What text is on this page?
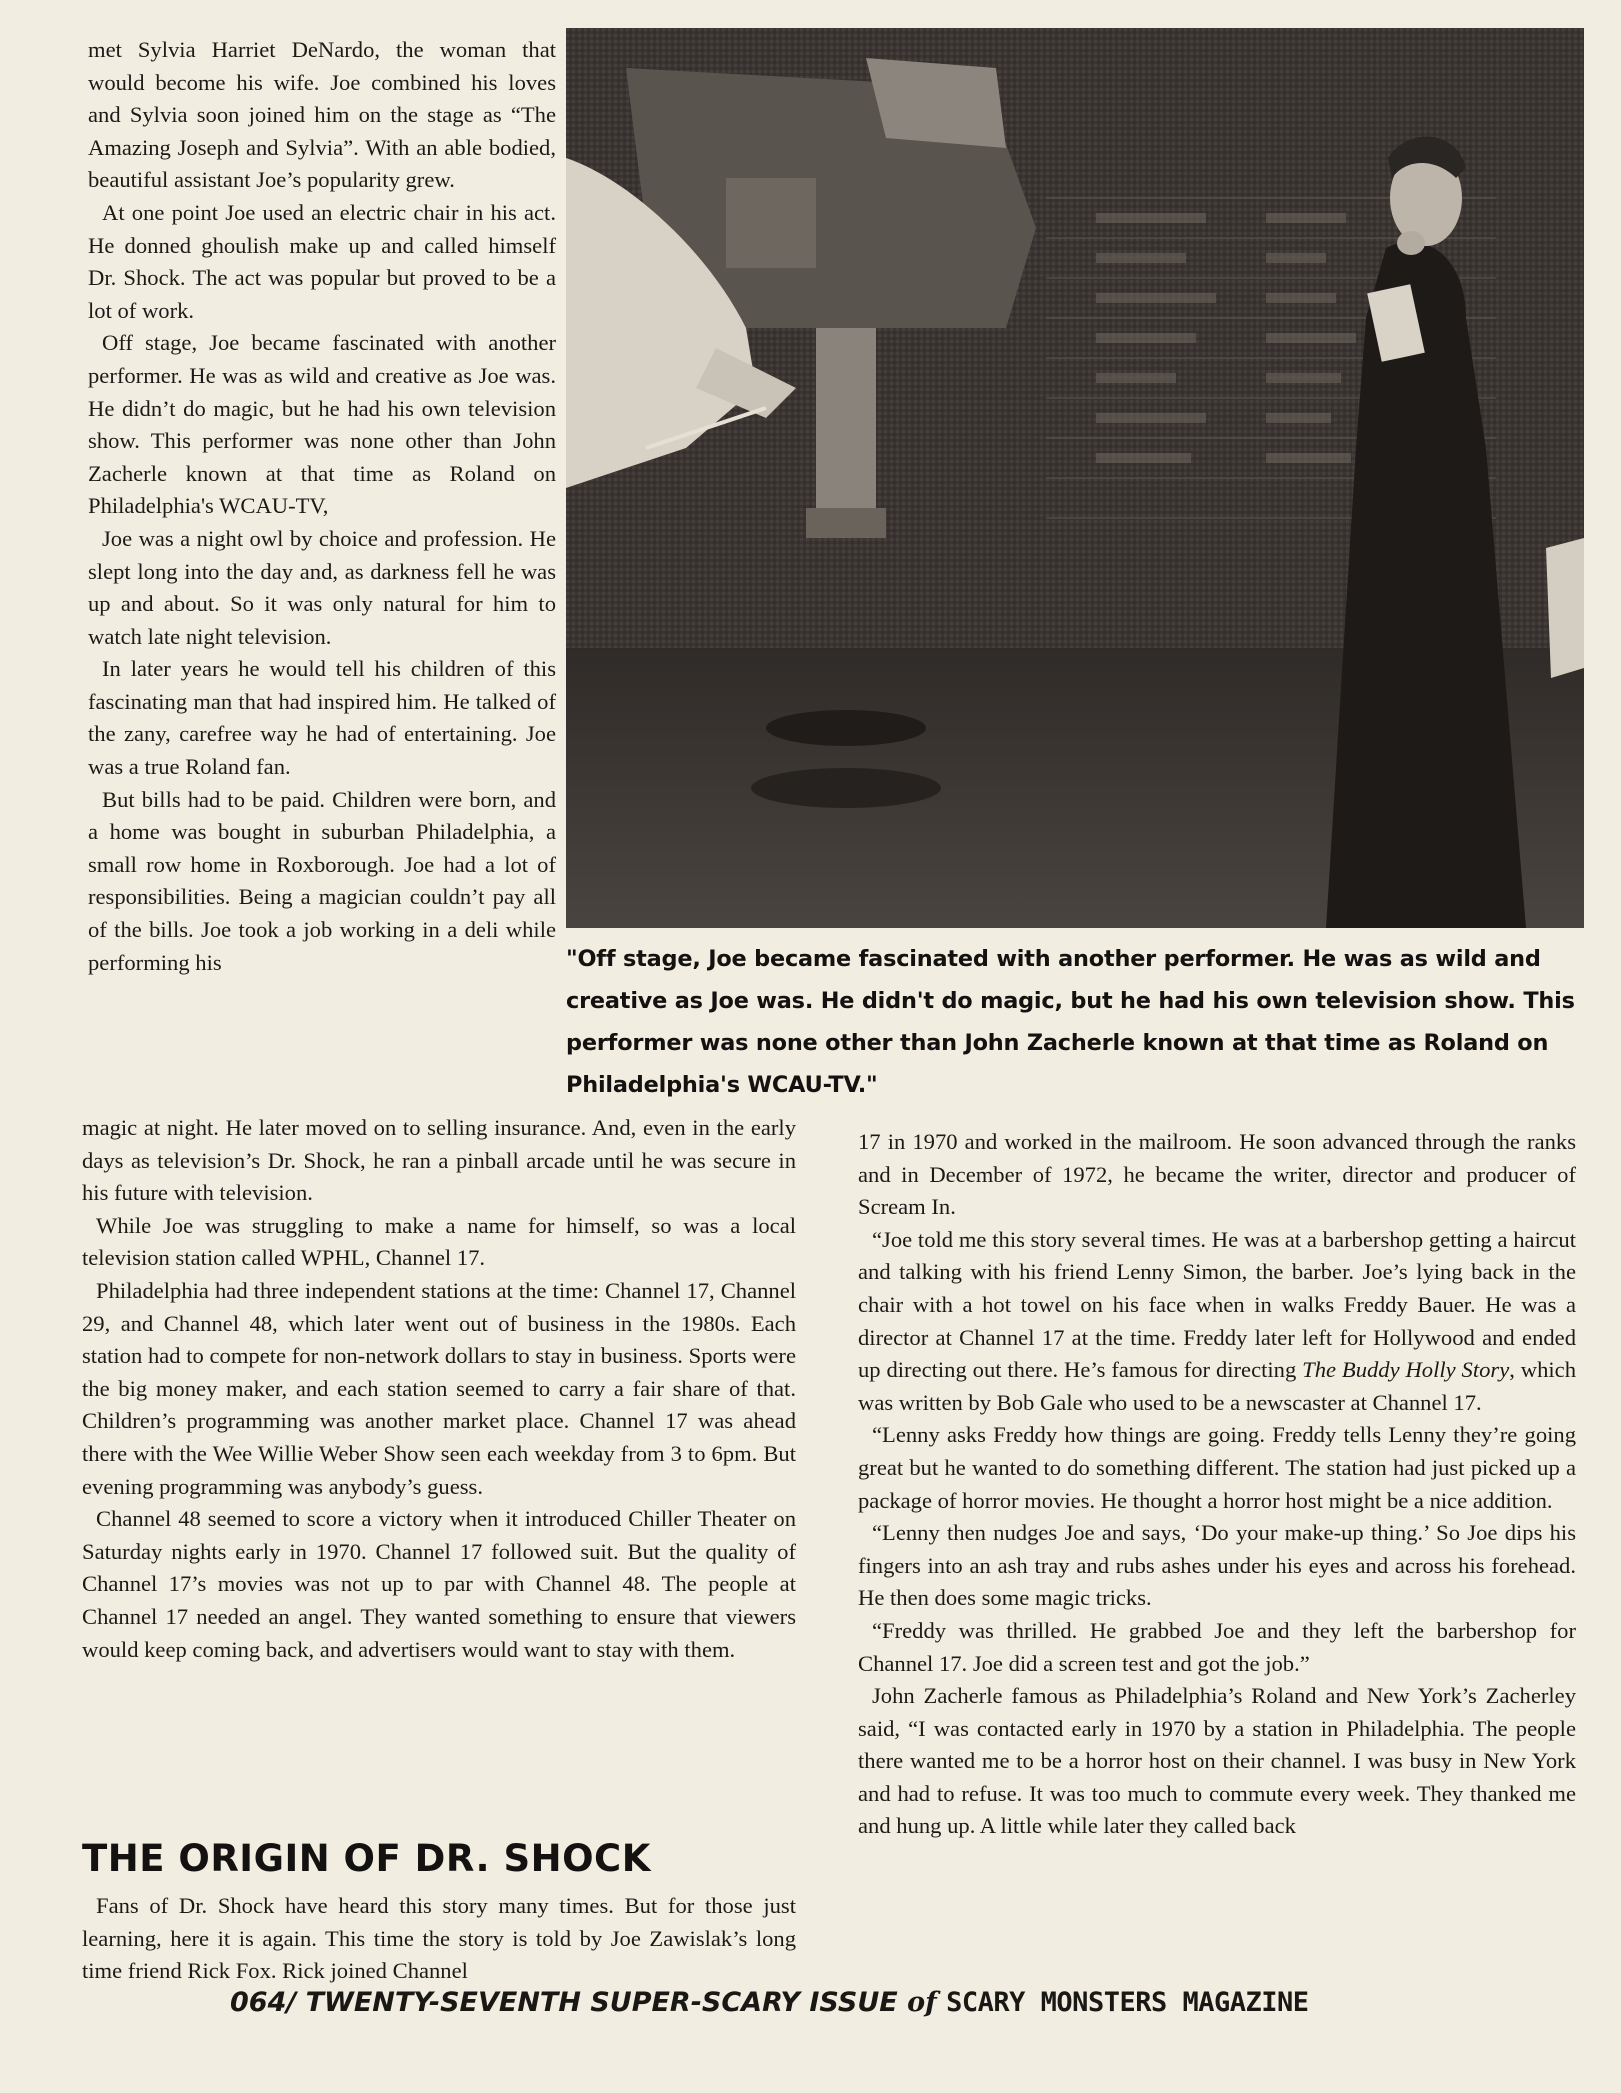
met Sylvia Harriet DeNardo, the woman that would become his wife. Joe combined his loves and Sylvia soon joined him on the stage as “The Amazing Joseph and Sylvia”. With an able bodied, beautiful assistant Joe’s popularity grew.

At one point Joe used an electric chair in his act. He donned ghoulish make up and called himself Dr. Shock. The act was popular but proved to be a lot of work.

Off stage, Joe became fascinated with another performer. He was as wild and creative as Joe was. He didn’t do magic, but he had his own television show. This performer was none other than John Zacherle known at that time as Roland on Philadelphia's WCAU-TV,

Joe was a night owl by choice and profession. He slept long into the day and, as darkness fell he was up and about. So it was only natural for him to watch late night television.

In later years he would tell his children of this fascinating man that had inspired him. He talked of the zany, carefree way he had of entertaining. Joe was a true Roland fan.

But bills had to be paid. Children were born, and a home was bought in suburban Philadelphia, a small row home in Roxborough. Joe had a lot of responsibilities. Being a magician couldn’t pay all of the bills. Joe took a job working in a deli while performing his	"Off stage, Joe became fascinated with another performer. He was as wild and creative as Joe was. He didn't do magic, but he had his own television show. This performer was none other than John Zacherle known at that time as Roland on Philadelphia's WCAU-TV."

magic at night. He later moved on to selling insurance. And, even in the early days as television’s Dr. Shock, he ran a pinball arcade until he was secure in his future with television.

While Joe was struggling to make a name for himself, so was a local television station called WPHL, Channel 17.

Philadelphia had three independent stations at the time: Channel 17, Channel 29, and Channel 48, which later went out of business in the 1980s. Each station had to compete for non-network dollars to stay in business. Sports were the big money maker, and each station seemed to carry a fair share of that. Children’s programming was another market place. Channel 17 was ahead there with the Wee Willie Weber Show seen each weekday from 3 to 6pm. But evening programming was anybody’s guess.

Channel 48 seemed to score a victory when it introduced Chiller Theater on Saturday nights early in 1970. Channel 17 followed suit. But the quality of Channel 17’s movies was not up to par with Channel 48. The people at Channel 17 needed an angel. They wanted something to ensure that viewers would keep coming back, and advertisers would want to stay with them.

THE ORIGIN OF DR. SHOCK

Fans of Dr. Shock have heard this story many times. But for those just learning, here it is again. This time the story is told by Joe Zawislak’s long time friend Rick Fox. Rick joined Channel

17 in 1970 and worked in the mailroom. He soon advanced through the ranks and in December of 1972, he became the writer, director and producer of Scream In.

“Joe told me this story several times. He was at a barbershop getting a haircut and talking with his friend Lenny Simon, the barber. Joe’s lying back in the chair with a hot towel on his face when in walks Freddy Bauer. He was a director at Channel 17 at the time. Freddy later left for Hollywood and ended up directing out there. He’s famous for directing The Buddy Holly Story, which was written by Bob Gale who used to be a newscaster at Channel 17.

“Lenny asks Freddy how things are going. Freddy tells Lenny they’re going great but he wanted to do something different. The station had just picked up a package of horror movies. He thought a horror host might be a nice addition.

“Lenny then nudges Joe and says, ‘Do your make-up thing.’ So Joe dips his fingers into an ash tray and rubs ashes under his eyes and across his forehead. He then does some magic tricks.

“Freddy was thrilled. He grabbed Joe and they left the barbershop for Channel 17. Joe did a screen test and got the job.”

John Zacherle famous as Philadelphia’s Roland and New York’s Zacherley said, “I was contacted early in 1970 by a station in Philadelphia. The people there wanted me to be a horror host on their channel. I was busy in New York and had to refuse. It was too much to commute every week. They thanked me and hung up. A little while later they called back

064/ TWENTY-SEVENTH SUPER-SCARY ISSUE of SCARY MONSTERS MAGAZINE
